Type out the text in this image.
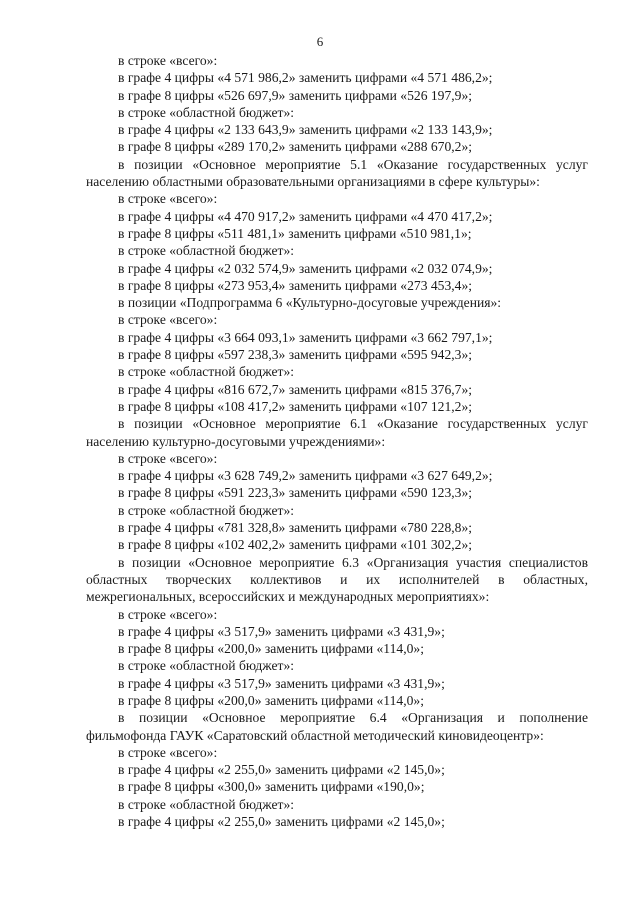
6
в строке «всего»:
в графе 4 цифры «4 571 986,2» заменить цифрами «4 571 486,2»;
в графе 8 цифры «526 697,9» заменить цифрами «526 197,9»;
в строке «областной бюджет»:
в графе 4 цифры «2 133 643,9» заменить цифрами «2 133 143,9»;
в графе 8 цифры «289 170,2» заменить цифрами «288 670,2»;
в позиции «Основное мероприятие 5.1 «Оказание государственных услуг населению областными образовательными организациями в сфере культуры»:
в строке «всего»:
в графе 4 цифры «4 470 917,2» заменить цифрами «4 470 417,2»;
в графе 8 цифры «511 481,1» заменить цифрами «510 981,1»;
в строке «областной бюджет»:
в графе 4 цифры «2 032 574,9» заменить цифрами «2 032 074,9»;
в графе 8 цифры «273 953,4» заменить цифрами «273 453,4»;
в позиции «Подпрограмма 6 «Культурно-досуговые учреждения»:
в строке «всего»:
в графе 4 цифры «3 664 093,1» заменить цифрами «3 662 797,1»;
в графе 8 цифры «597 238,3» заменить цифрами «595 942,3»;
в строке «областной бюджет»:
в графе 4 цифры «816 672,7» заменить цифрами «815 376,7»;
в графе 8 цифры «108 417,2» заменить цифрами «107 121,2»;
в позиции «Основное мероприятие 6.1 «Оказание государственных услуг населению культурно-досуговыми учреждениями»:
в строке «всего»:
в графе 4 цифры «3 628 749,2» заменить цифрами «3 627 649,2»;
в графе 8 цифры «591 223,3» заменить цифрами «590 123,3»;
в строке «областной бюджет»:
в графе 4 цифры «781 328,8» заменить цифрами «780 228,8»;
в графе 8 цифры «102 402,2» заменить цифрами «101 302,2»;
в позиции «Основное мероприятие 6.3 «Организация участия специалистов областных творческих коллективов и их исполнителей в областных, межрегиональных, всероссийских и международных мероприятиях»:
в строке «всего»:
в графе 4 цифры «3 517,9» заменить цифрами «3 431,9»;
в графе 8 цифры «200,0» заменить цифрами «114,0»;
в строке «областной бюджет»:
в графе 4 цифры «3 517,9» заменить цифрами «3 431,9»;
в графе 8 цифры «200,0» заменить цифрами «114,0»;
в позиции «Основное мероприятие 6.4 «Организация и пополнение фильмофонда ГАУК «Саратовский областной методический киновидеоцентр»:
в строке «всего»:
в графе 4 цифры «2 255,0» заменить цифрами «2 145,0»;
в графе 8 цифры «300,0» заменить цифрами «190,0»;
в строке «областной бюджет»:
в графе 4 цифры «2 255,0» заменить цифрами «2 145,0»;
